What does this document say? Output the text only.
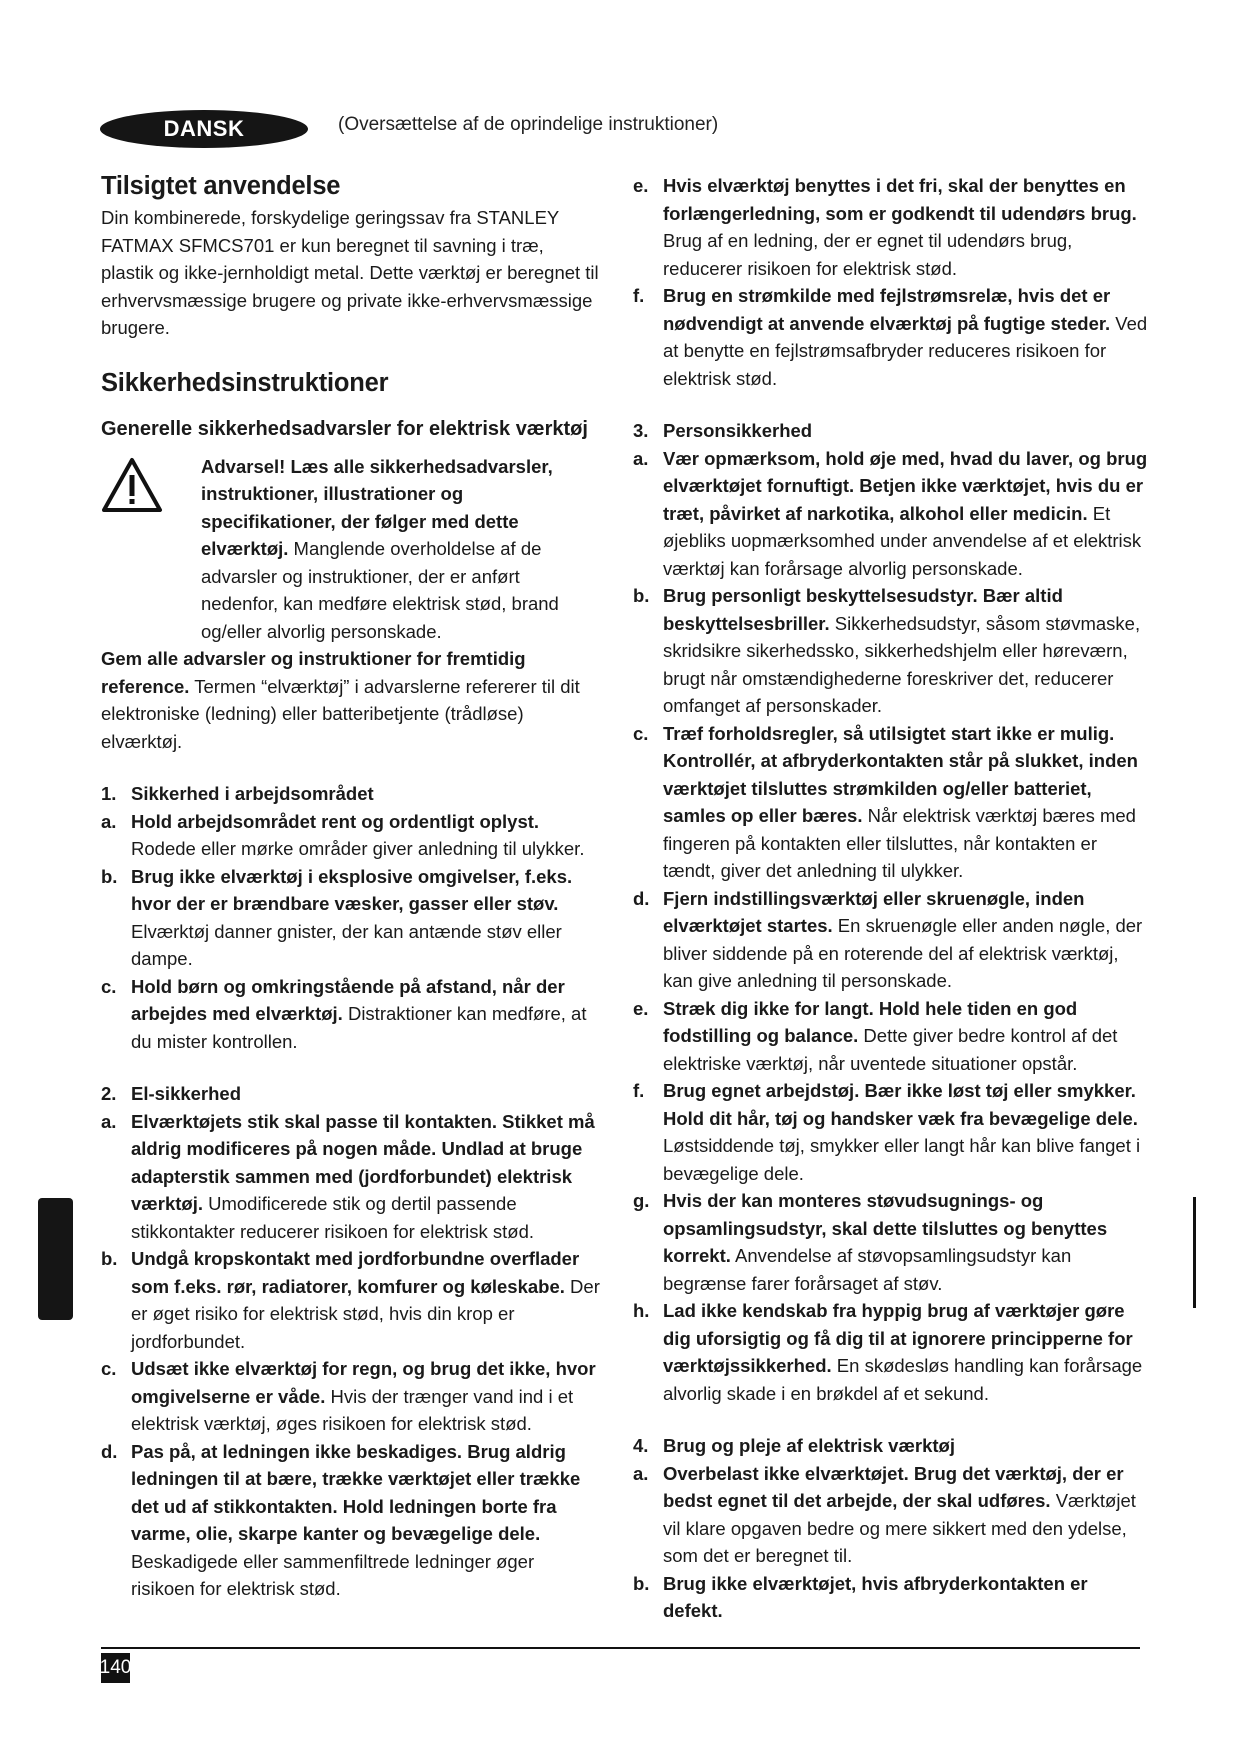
DANSK	(Oversættelse af de oprindelige instruktioner)
Tilsigtet anvendelse

Din kombinerede, forskydelige geringssav fra STANLEY FATMAX SFMCS701 er kun beregnet til savning i træ, plastik og ikke-jernholdigt metal. Dette værktøj er beregnet til erhvervsmæssige brugere og private ikke-erhvervsmæssige brugere.

Sikkerhedsinstruktioner
Generelle sikkerhedsadvarsler for elektrisk værktøj
Advarsel! Læs alle sikkerhedsadvarsler, instruktioner, illustrationer og specifikationer, der følger med dette elværktøj. Manglende overholdelse af de advarsler og instruktioner, der er anført nedenfor, kan medføre elektrisk stød, brand og/eller alvorlig personskade.

Gem alle advarsler og instruktioner for fremtidig reference. Termen “elværktøj” i advarslerne refererer til dit elektroniske (ledning) eller batteribetjente (trådløse) elværktøj.

1. Sikkerhed i arbejdsområdet
a. Hold arbejdsområdet rent og ordentligt oplyst. Rodede eller mørke områder giver anledning til ulykker.
b. Brug ikke elværktøj i eksplosive omgivelser, f.eks. hvor der er brændbare væsker, gasser eller støv. Elværktøj danner gnister, der kan antænde støv eller dampe.
c. Hold børn og omkringstående på afstand, når der arbejdes med elværktøj. Distraktioner kan medføre, at du mister kontrollen.
2. El-sikkerhed
a. Elværktøjets stik skal passe til kontakten. Stikket må aldrig modificeres på nogen måde. Undlad at bruge adapterstik sammen med (jordforbundet) elektrisk værktøj. Umodificerede stik og dertil passende stikkontakter reducerer risikoen for elektrisk stød.
b. Undgå kropskontakt med jordforbundne overflader som f.eks. rør, radiatorer, komfurer og køleskabe. Der er øget risiko for elektrisk stød, hvis din krop er jordforbundet.
c. Udsæt ikke elværktøj for regn, og brug det ikke, hvor omgivelserne er våde. Hvis der trænger vand ind i et elektrisk værktøj, øges risikoen for elektrisk stød.
d. Pas på, at ledningen ikke beskadiges. Brug aldrig ledningen til at bære, trække værktøjet eller trække det ud af stikkontakten. Hold ledningen borte fra varme, olie, skarpe kanter og bevægelige dele. Beskadigede eller sammenfiltrede ledninger øger risikoen for elektrisk stød.
e. Hvis elværktøj benyttes i det fri, skal der benyttes en forlængerledning, som er godkendt til udendørs brug. Brug af en ledning, der er egnet til udendørs brug, reducerer risikoen for elektrisk stød.
f.	Brug en strømkilde med fejlstrømsrelæ, hvis det er nødvendigt at anvende elværktøj på fugtige steder. Ved at benytte en fejlstrømsafbryder reduceres risikoen for elektrisk stød.
3. Personsikkerhed
a. Vær opmærksom, hold øje med, hvad du laver, og brug elværktøjet fornuftigt. Betjen ikke værktøjet, hvis du er træt, påvirket af narkotika, alkohol eller medicin. Et øjebliks uopmærksomhed under anvendelse af et elektrisk værktøj kan forårsage alvorlig personskade.
b. Brug personligt beskyttelsesudstyr. Bær altid beskyttelsesbriller. Sikkerhedsudstyr, såsom støvmaske, skridsikre sikerhedssko, sikkerhedshjelm eller høreværn, brugt når omstændighederne foreskriver det, reducerer omfanget af personskader.
c. Træf forholdsregler, så utilsigtet start ikke er mulig. Kontrollér, at afbryderkontakten står på slukket, inden værktøjet tilsluttes strømkilden og/eller batteriet, samles op eller bæres. Når elektrisk værktøj bæres med fingeren på kontakten eller tilsluttes, når kontakten er tændt, giver det anledning til ulykker.
d. Fjern indstillingsværktøj eller skruenøgle, inden elværktøjet startes. En skruenøgle eller anden nøgle, der bliver siddende på en roterende del af elektrisk værktøj, kan give anledning til personskade.
e. Stræk dig ikke for langt. Hold hele tiden en god fodstilling og balance. Dette giver bedre kontrol af det elektriske værktøj, når uventede situationer opstår.
f.	Brug egnet arbejdstøj. Bær ikke løst tøj eller smykker. Hold dit hår, tøj og handsker væk fra bevægelige dele. Løstsiddende tøj, smykker eller langt hår kan blive fanget i bevægelige dele.
g. Hvis der kan monteres støvudsugnings- og opsamlingsudstyr, skal dette tilsluttes og benyttes korrekt. Anvendelse af støvopsamlingsudstyr kan begrænse farer forårsaget af støv.
h. Lad ikke kendskab fra hyppig brug af værktøjer gøre dig uforsigtig og få dig til at ignorere principperne for værktøjssikkerhed. En skødesløs handling kan forårsage alvorlig skade i en brøkdel af et sekund.
4. Brug og pleje af elektrisk værktøj
a. Overbelast ikke elværktøjet. Brug det værktøj, der er bedst egnet til det arbejde, der skal udføres. Værktøjet vil klare opgaven bedre og mere sikkert med den ydelse, som det er beregnet til.
b. Brug ikke elværktøjet, hvis afbryderkontakten er defekt.
140
